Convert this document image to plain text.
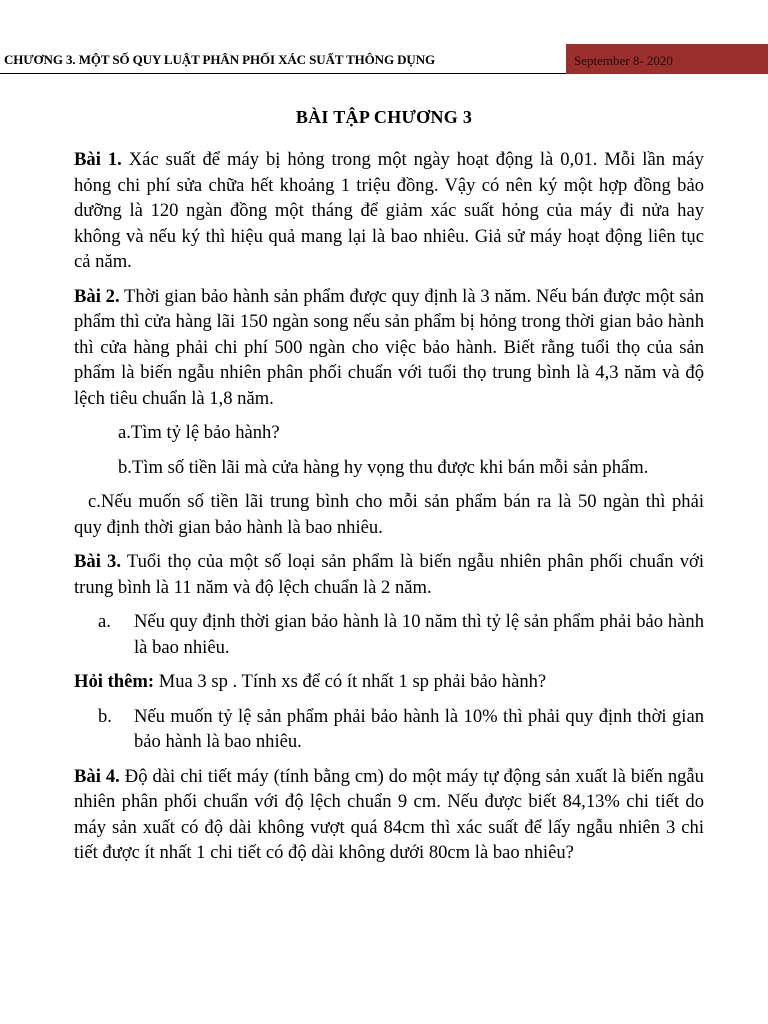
CHƯƠNG 3. MỘT SỐ QUY LUẬT PHÂN PHỐI XÁC SUẤT THÔNG DỤNG	September 8- 2020
BÀI TẬP CHƯƠNG 3

Bài 1. Xác suất để máy bị hỏng trong một ngày hoạt động là 0,01. Mỗi lần máy hỏng chi phí sửa chữa hết khoảng 1 triệu đồng. Vậy có nên ký một hợp đồng bảo dưỡng là 120 ngàn đồng một tháng để giảm xác suất hỏng của máy đi nửa hay không và nếu ký thì hiệu quả mang lại là bao nhiêu. Giả sử máy hoạt động liên tục cả năm.

Bài 2. Thời gian bảo hành sản phẩm được quy định là 3 năm. Nếu bán được một sản phẩm thì cửa hàng lãi 150 ngàn song nếu sản phẩm bị hỏng trong thời gian bảo hành thì cửa hàng phải chi phí 500 ngàn cho việc bảo hành. Biết rằng tuổi thọ của sản phẩm là biến ngẫu nhiên phân phối chuẩn với tuổi thọ trung bình là 4,3 năm và độ lệch tiêu chuẩn là 1,8 năm.

a.Tìm tỷ lệ bảo hành?

b.Tìm số tiền lãi mà cửa hàng hy vọng thu được khi bán mỗi sản phẩm.

c.Nếu muốn số tiền lãi trung bình cho mỗi sản phẩm bán ra là 50 ngàn thì phải quy định thời gian bảo hành là bao nhiêu.

Bài 3. Tuổi thọ của một số loại sản phẩm là biến ngẫu nhiên phân phối chuẩn với trung bình là 11 năm và độ lệch chuẩn là 2 năm.

a.	Nếu quy định thời gian bảo hành là 10 năm thì tỷ lệ sản phẩm phải bảo hành là bao nhiêu.

Hỏi thêm: Mua 3 sp . Tính xs để có ít nhất 1 sp phải bảo hành?

b.	Nếu muốn tỷ lệ sản phẩm phải bảo hành là 10% thì phải quy định thời gian bảo hành là bao nhiêu.

Bài 4. Độ dài chi tiết máy (tính bằng cm) do một máy tự động sản xuất là biến ngẫu nhiên phân phối chuẩn với độ lệch chuẩn 9 cm. Nếu được biết 84,13% chi tiết do máy sản xuất có độ dài không vượt quá 84cm thì xác suất để lấy ngẫu nhiên 3 chi tiết được ít nhất 1 chi tiết có độ dài không dưới 80cm là bao nhiêu?
